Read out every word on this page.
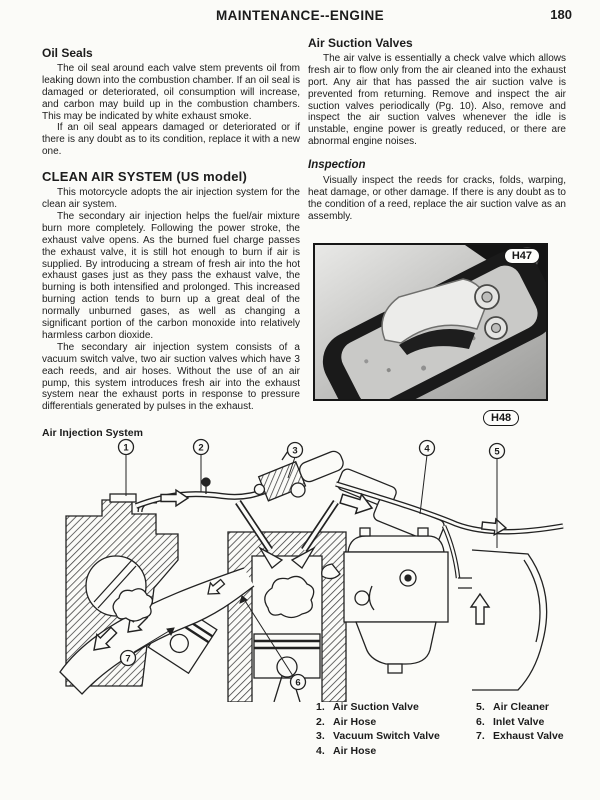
MAINTENANCE--ENGINE	180
Oil Seals

The oil seal around each valve stem prevents oil from leaking down into the combustion chamber. If an oil seal is damaged or deteriorated, oil consumption will increase, and carbon may build up in the combustion chambers. This may be indicated by white exhaust smoke.

If an oil seal appears damaged or deteriorated or if there is any doubt as to its condition, replace it with a new one.

CLEAN AIR SYSTEM (US model)

This motorcycle adopts the air injection system for the clean air system.

The secondary air injection helps the fuel/air mixture burn more completely. Following the power stroke, the exhaust valve opens. As the burned fuel charge passes the exhaust valve, it is still hot enough to burn if air is supplied. By introducing a stream of fresh air into the hot exhaust gases just as they pass the exhaust valve, the burning is both intensified and prolonged. This increased burning action tends to burn up a great deal of the normally unburned gases, as well as changing a significant portion of the carbon monoxide into relatively harmless carbon dioxide.

The secondary air injection system consists of a vacuum switch valve, two air suction valves which have 3 each reeds, and air hoses. Without the use of an air pump, this system introduces fresh air into the exhaust system near the exhaust ports in response to pressure differentials generated by pulses in the exhaust.

Air Suction Valves

The air valve is essentially a check valve which allows fresh air to flow only from the air cleaned into the exhaust port. Any air that has passed the air suction valve is prevented from returning. Remove and inspect the air suction valves periodically (Pg. 10). Also, remove and inspect the air suction valves whenever the idle is unstable, engine power is greatly reduced, or there are abnormal engine noises.

Inspection

Visually inspect the reeds for cracks, folds, warping, heat damage, or other damage. If there is any doubt as to the condition of a reed, replace the air suction valve as an assembly.

Air Injection System
H47
H48
1	2	3	4	5
6
7
1. Air Suction Valve
2. Air Hose
3. Vacuum Switch Valve
4. Air Hose
5. Air Cleaner
6. Inlet Valve
7. Exhaust Valve
